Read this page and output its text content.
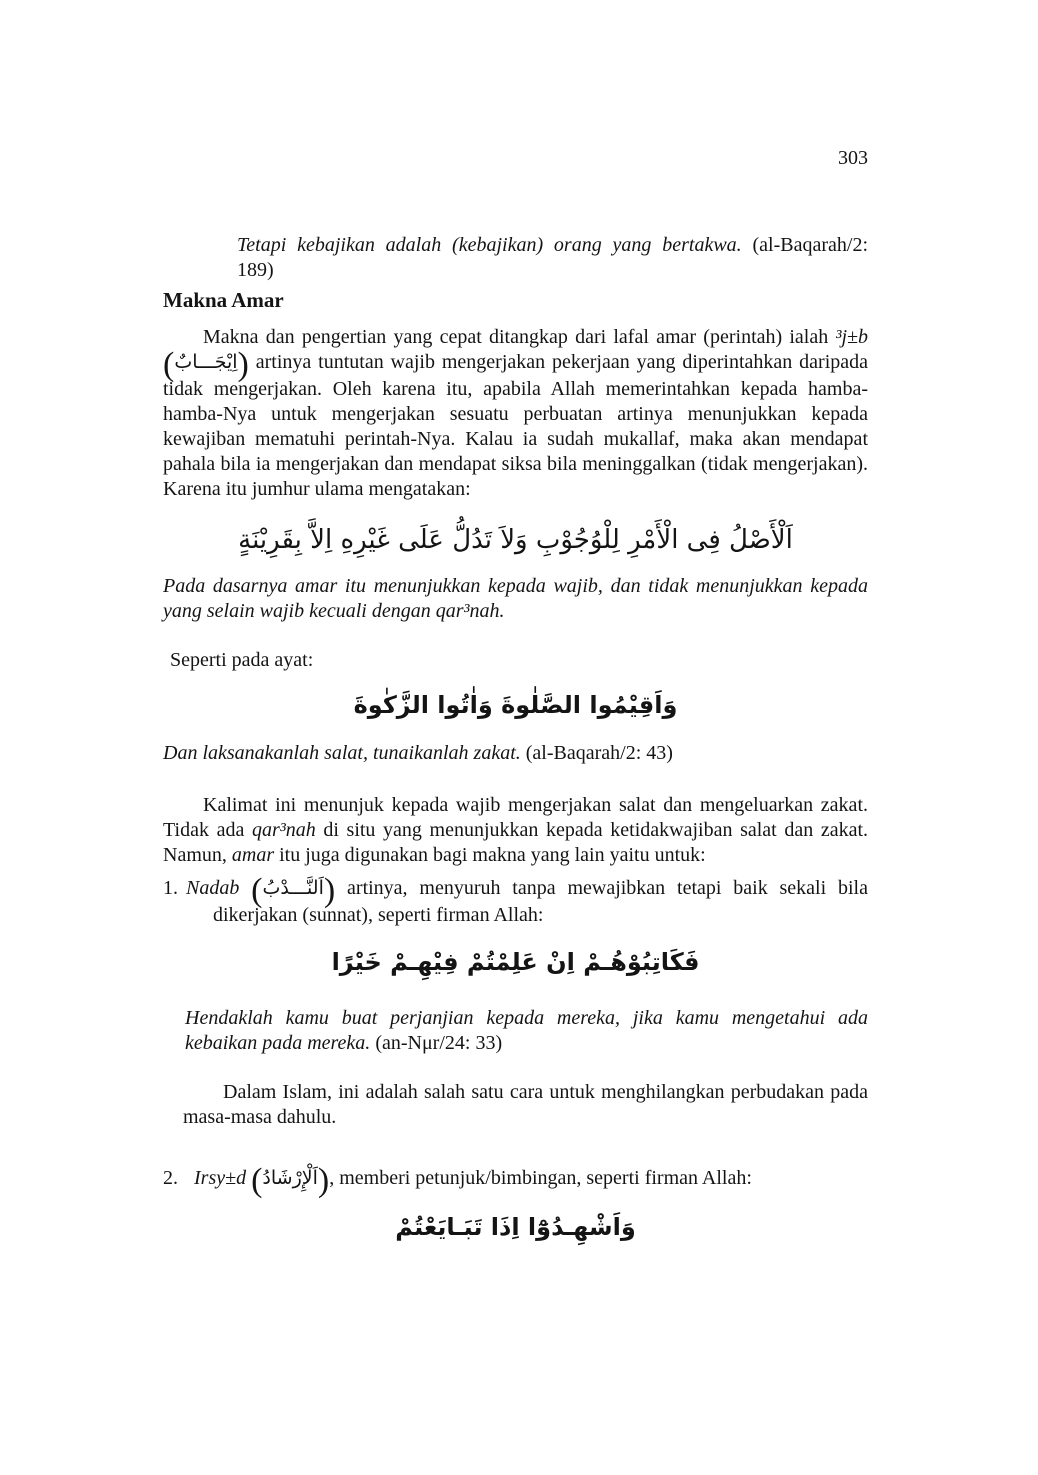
303
Tetapi kebajikan adalah (kebajikan) orang yang bertakwa. (al-Baqarah/2: 189)
Makna Amar

Makna dan pengertian yang cepat ditangkap dari lafal amar (perintah) ialah ³j±b (اِيْجَـــابٌ) artinya tuntutan wajib mengerjakan pekerjaan yang diperintahkan daripada tidak mengerjakan. Oleh karena itu, apabila Allah memerintahkan kepada hamba-hamba-Nya untuk mengerjakan sesuatu perbuatan artinya menunjukkan kepada kewajiban mematuhi perintah-Nya. Kalau ia sudah mukallaf, maka akan mendapat pahala bila ia mengerjakan dan mendapat siksa bila meninggalkan (tidak mengerjakan). Karena itu jumhur ulama mengatakan:

اَلْأَصْلُ فِى الْأَمْرِ لِلْوُجُوْبِ وَلاَ تَدُلُّ عَلَى غَيْرِهِ اِلاَّ بِقَرِيْنَةٍ

Pada dasarnya amar itu menunjukkan kepada wajib, dan tidak menunjukkan kepada yang selain wajib kecuali dengan qar³nah.

Seperti pada ayat:

وَاَقِيْمُوا الصَّلٰوةَ وَاٰتُوا الزَّكٰوةَ

Dan laksanakanlah salat, tunaikanlah zakat. (al-Baqarah/2: 43)

Kalimat ini menunjuk kepada wajib mengerjakan salat dan mengeluarkan zakat. Tidak ada qar³nah di situ yang menunjukkan kepada ketidakwajiban salat dan zakat. Namun, amar itu juga digunakan bagi makna yang lain yaitu untuk:

1. Nadab (اَلنَّـــدْبُ) artinya, menyuruh tanpa mewajibkan tetapi baik sekali bila dikerjakan (sunnat), seperti firman Allah:

فَكَاتِبُوْهُـمْ اِنْ عَلِمْتُمْ فِيْهِـمْ خَيْرًا

Hendaklah kamu buat perjanjian kepada mereka, jika kamu mengetahui ada kebaikan pada mereka. (an-Nμr/24: 33)

Dalam Islam, ini adalah salah satu cara untuk menghilangkan perbudakan pada masa-masa dahulu.

2. Irsy±d (اَلْإِرْشَادُ), memberi petunjuk/bimbingan, seperti firman Allah:

وَاَشْهِـدُوْٓا اِذَا تَبَـايَعْتُمْ
